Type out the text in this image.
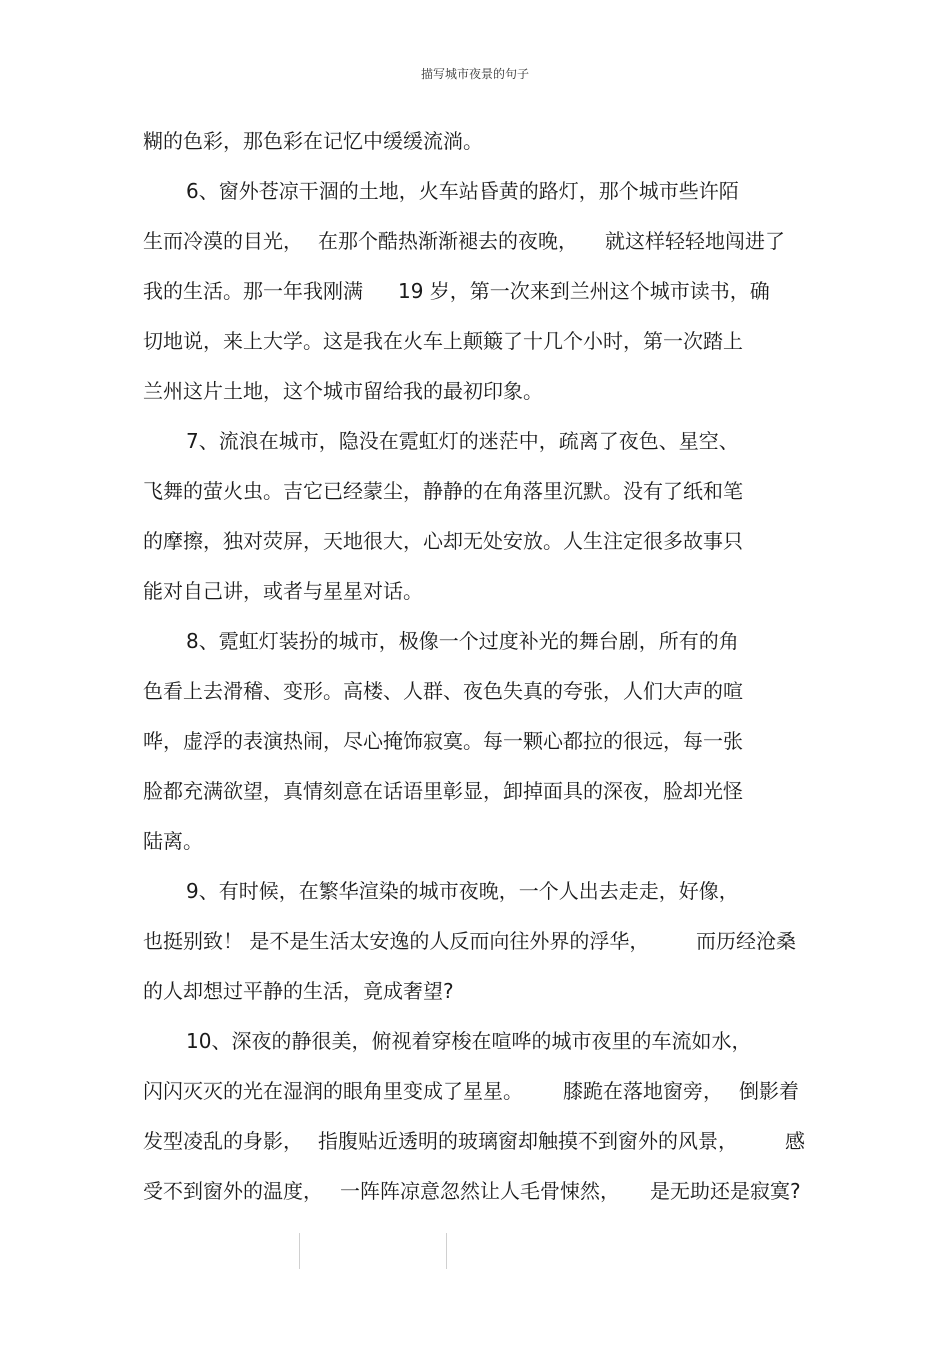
描写城市夜景的句子

糊的色彩，那色彩在记忆中缓缓流淌。

6、窗外苍凉干涸的土地，火车站昏黄的路灯，那个城市些许陌

生而冷漠的目光，

在那个酷热渐渐褪去的夜晚，

就这样轻轻地闯进了

我的生活。那一年我刚满

19 岁，第一次来到兰州这个城市读书，确

切地说，来上大学。这是我在火车上颠簸了十几个小时，第一次踏上

兰州这片土地，这个城市留给我的最初印象。

7、流浪在城市，隐没在霓虹灯的迷茫中，疏离了夜色、星空、

飞舞的萤火虫。吉它已经蒙尘，静静的在角落里沉默。没有了纸和笔

的摩擦，独对荧屏，天地很大，心却无处安放。人生注定很多故事只

能对自己讲，或者与星星对话。

8、霓虹灯装扮的城市，极像一个过度补光的舞台剧，所有的角

色看上去滑稽、变形。高楼、人群、夜色失真的夸张，人们大声的喧

哗，虚浮的表演热闹，尽心掩饰寂寞。每一颗心都拉的很远，每一张

脸都充满欲望，真情刻意在话语里彰显，卸掉面具的深夜，脸却光怪

陆离。

9、有时候，在繁华渲染的城市夜晚，一个人出去走走，好像，

也挺别致！ 是不是生活太安逸的人反而向往外界的浮华，

而历经沧桑

的人却想过平静的生活，竟成奢望?

10、深夜的静很美，俯视着穿梭在喧哗的城市夜里的车流如水，

闪闪灭灭的光在湿润的眼角里变成了星星。

膝跪在落地窗旁，

倒影着

发型凌乱的身影，

指腹贴近透明的玻璃窗却触摸不到窗外的风景，

感

受不到窗外的温度，

一阵阵凉意忽然让人毛骨悚然，

是无助还是寂寞?
